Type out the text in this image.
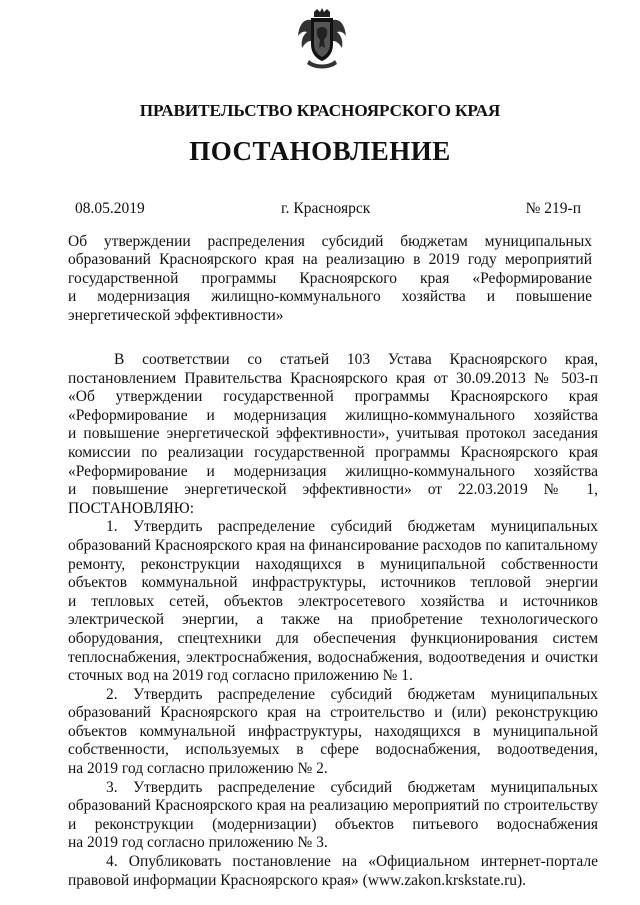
ПРАВИТЕЛЬСТВО КРАСНОЯРСКОГО КРАЯ
ПОСТАНОВЛЕНИЕ
08.05.2019	г. Красноярск	№ 219-п
Об утверждении распределения субсидий бюджетам муниципальных
образований Красноярского края на реализацию в 2019 году мероприятий
государственной программы Красноярского края «Реформирование
и модернизация жилищно-коммунального хозяйства и повышение
энергетической эффективности»
В соответствии со статьей 103 Устава Красноярского края,
постановлением Правительства Красноярского края от 30.09.2013 № 503-п
«Об утверждении государственной программы Красноярского края
«Реформирование и модернизация жилищно-коммунального хозяйства
и повышение энергетической эффективности», учитывая протокол заседания
комиссии по реализации государственной программы Красноярского края
«Реформирование и модернизация жилищно-коммунального хозяйства
и повышение энергетической эффективности» от 22.03.2019 № 1,
ПОСТАНОВЛЯЮ:
1. Утвердить распределение субсидий бюджетам муниципальных
образований Красноярского края на финансирование расходов по капитальному
ремонту, реконструкции находящихся в муниципальной собственности
объектов коммунальной инфраструктуры, источников тепловой энергии
и тепловых сетей, объектов электросетевого хозяйства и источников
электрической энергии, а также на приобретение технологического
оборудования, спецтехники для обеспечения функционирования систем
теплоснабжения, электроснабжения, водоснабжения, водоотведения и очистки
сточных вод на 2019 год согласно приложению № 1.
2. Утвердить распределение субсидий бюджетам муниципальных
образований Красноярского края на строительство и (или) реконструкцию
объектов коммунальной инфраструктуры, находящихся в муниципальной
собственности, используемых в сфере водоснабжения, водоотведения,
на 2019 год согласно приложению № 2.
3. Утвердить распределение субсидий бюджетам муниципальных
образований Красноярского края на реализацию мероприятий по строительству
и реконструкции (модернизации) объектов питьевого водоснабжения
на 2019 год согласно приложению № 3.
4. Опубликовать постановление на «Официальном интернет-портале
правовой информации Красноярского края» (www.zakon.krskstate.ru).
